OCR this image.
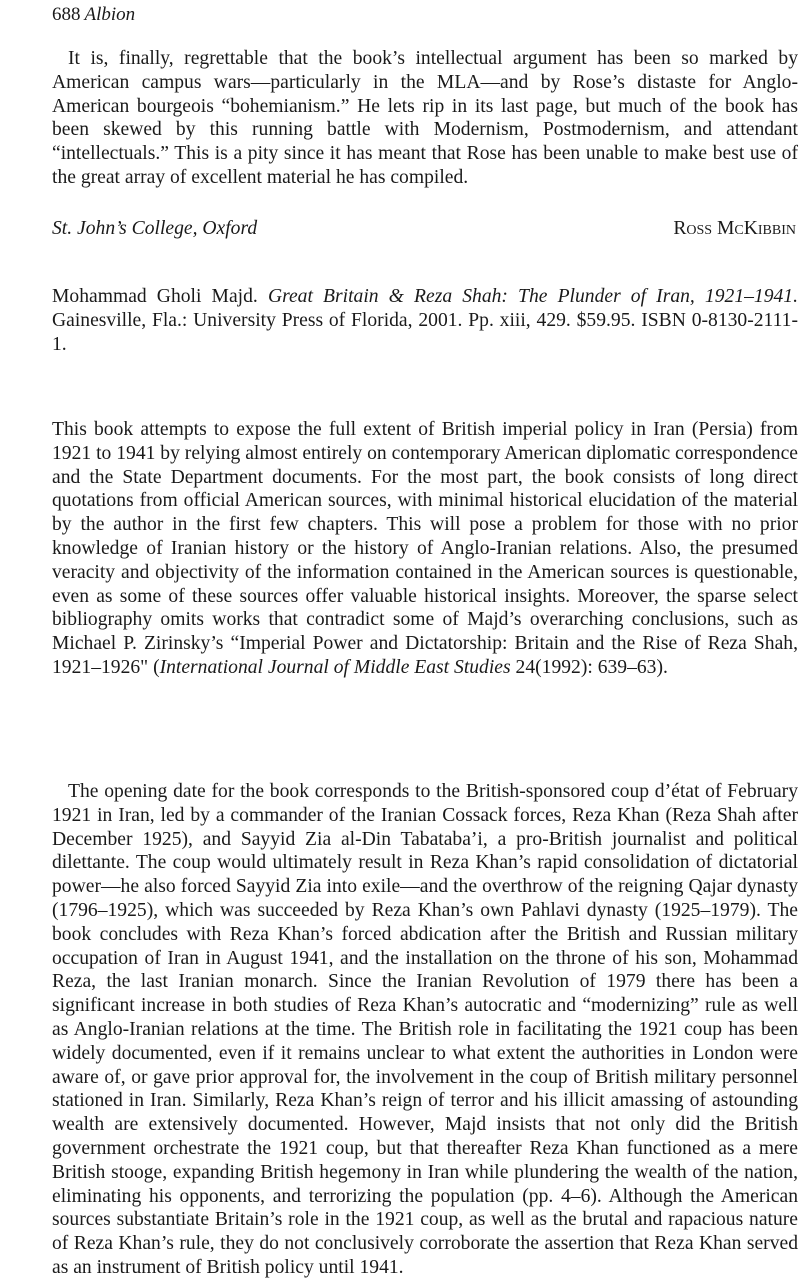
688 Albion

It is, finally, regrettable that the book’s intellectual argument has been so marked by American campus wars—particularly in the MLA—and by Rose’s distaste for Anglo-American bourgeois “bohemianism.” He lets rip in its last page, but much of the book has been skewed by this running battle with Modernism, Postmodernism, and attendant “intellectuals.” This is a pity since it has meant that Rose has been unable to make best use of the great array of excellent material he has compiled.

St. John’s College, Oxford	Ross McKibbin

Mohammad Gholi Majd. Great Britain & Reza Shah: The Plunder of Iran, 1921–1941. Gainesville, Fla.: University Press of Florida, 2001. Pp. xiii, 429. $59.95. ISBN 0-8130-2111-1.

This book attempts to expose the full extent of British imperial policy in Iran (Persia) from 1921 to 1941 by relying almost entirely on contemporary American diplomatic correspondence and the State Department documents. For the most part, the book consists of long direct quotations from official American sources, with minimal historical elucidation of the material by the author in the first few chapters. This will pose a problem for those with no prior knowledge of Iranian history or the history of Anglo-Iranian relations. Also, the presumed veracity and objectivity of the information contained in the American sources is questionable, even as some of these sources offer valuable historical insights. Moreover, the sparse select bibliography omits works that contradict some of Majd’s overarching conclusions, such as Michael P. Zirinsky’s “Imperial Power and Dictatorship: Britain and the Rise of Reza Shah, 1921–1926" (International Journal of Middle East Studies 24(1992): 639–63).

The opening date for the book corresponds to the British-sponsored coup d’état of February 1921 in Iran, led by a commander of the Iranian Cossack forces, Reza Khan (Reza Shah after December 1925), and Sayyid Zia al-Din Tabataba’i, a pro-British journalist and political dilettante. The coup would ultimately result in Reza Khan’s rapid consolidation of dictatorial power—he also forced Sayyid Zia into exile—and the overthrow of the reigning Qajar dynasty (1796–1925), which was succeeded by Reza Khan’s own Pahlavi dynasty (1925–1979). The book concludes with Reza Khan’s forced abdication after the British and Russian military occupation of Iran in August 1941, and the installation on the throne of his son, Mohammad Reza, the last Iranian monarch. Since the Iranian Revolution of 1979 there has been a significant increase in both studies of Reza Khan’s autocratic and “modernizing” rule as well as Anglo-Iranian relations at the time. The British role in facilitating the 1921 coup has been widely documented, even if it remains unclear to what extent the authorities in London were aware of, or gave prior approval for, the involvement in the coup of British military personnel stationed in Iran. Similarly, Reza Khan’s reign of terror and his illicit amassing of astounding wealth are extensively documented. However, Majd insists that not only did the British government orchestrate the 1921 coup, but that thereafter Reza Khan functioned as a mere British stooge, expanding British hegemony in Iran while plundering the wealth of the nation, eliminating his opponents, and terrorizing the population (pp. 4–6). Although the American sources substantiate Britain’s role in the 1921 coup, as well as the brutal and rapacious nature of Reza Khan’s rule, they do not conclusively corroborate the assertion that Reza Khan served as an instrument of British policy until 1941.
